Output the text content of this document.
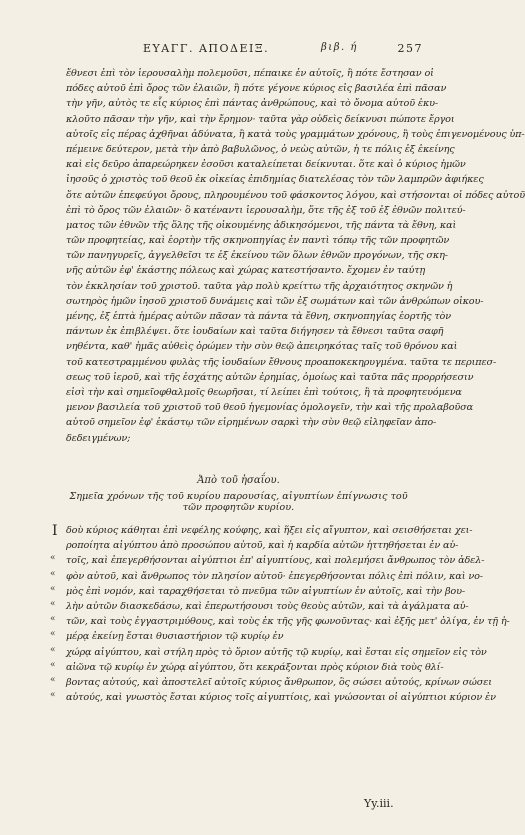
ΕΥΑΓΓ. ΑΠΟΔΕΙΞ.	βιβ. ή	257
ἔθνεσι ἐπὶ τὸν ἱερουσαλὴμ πολεμοῦσι, πέπαικε ἐν αὐτοῖς, ἢ πότε ἔστησαν οἱ
πόδες αὐτοῦ ἐπὶ ὄρος τῶν ἐλαιῶν, ἢ πότε γέγονε κύριος εἰς βασιλέα ἐπὶ πᾶσαν
τὴν γῆν, αὐτὸς τε εἷς κύριος ἐπὶ πάντας ἀνθρώπους, καὶ τὸ ὄνομα αὐτοῦ ἐκυ-
κλοῦτο πᾶσαν τὴν γῆν, καὶ τὴν ἔρημον· ταῦτα γὰρ οὐδεὶς δείκνυσι πώποτε ἔργοι
αὐτοῖς εἰς πέρας ἀχθῆναι ἀδύνατα, ἢ κατὰ τοὺς γραμμάτων χρόνους, ἢ τοὺς ἐπιγενομένους ὑπ-
πέμεινε δεύτερον, μετὰ τὴν ἀπὸ βαβυλῶνος, ὁ νεὼς αὐτῶν, ἡ τε πόλις ἐξ ἐκείνης
καὶ εἰς δεῦρο ἀπαρεώρηκεν ἐσοῦσι καταλείπεται δείκνυται. ὅτε καὶ ὁ κύριος ἡμῶν
ἰησοῦς ὁ χριστὸς τοῦ θεοῦ ἐκ οἰκείας ἐπιδημίας διατελέσας τὸν τῶν λαμπρῶν ἀφιήκες
ὅτε αὐτῶν ἐπεφεύγοι ὄρους, πληρουμένου τοῦ φάσκοντος λόγου, καὶ στήσονται οἱ πόδες αὐτοῦ
ἐπὶ τὸ ὄρος τῶν ἐλαιῶν· ὃ κατέναντι ἱερουσαλὴμ, ὅτε τῆς ἐξ τοῦ ἐξ ἐθνῶν πολιτεύ-
ματος τῶν ἐθνῶν τῆς ὅλης τῆς οἰκουμένης ἀδικησόμενοι, τῆς πάντα τὰ ἔθνη, καὶ
τῶν προφητείας, καὶ ἑορτὴν τῆς σκηνοπηγίας ἐν παντὶ τόπῳ τῆς τῶν προφητῶν
τῶν πανηγυρεῖς, ἀγγελθεῖσι τε ἐξ ἐκείνου τῶν ὅλων ἐθνῶν προγόνων, τῆς σκη-
νῆς αὐτῶν ἐφ' ἑκάστης πόλεως καὶ χώρας κατεστήσαντο. ἔχομεν ἐν ταύτῃ
τὸν ἐκκλησίαν τοῦ χριστοῦ. ταῦτα γὰρ πολὺ κρείττω τῆς ἀρχαιότητος σκηνῶν ἡ
σωτηρὸς ἡμῶν ἰησοῦ χριστοῦ δυνάμεις καὶ τῶν ἐξ σωμάτων καὶ τῶν ἀνθρώπων οἰκου-
μένης, ἐξ ἑπτὰ ἡμέρας αὐτῶν πᾶσαν τὰ πάντα τὰ ἔθνη, σκηνοπηγίας ἑορτῆς τὸν
πάντων ἐκ ἐπιβλέψει. ὅτε ἰουδαίων καὶ ταῦτα διήγησεν τὰ ἔθνεσι ταῦτα σαφῆ
νηθέντα, καθ' ἡμᾶς αὐθεὶς ὁρώμεν τὴν σὺν θεῷ ἀπειρηκότας ταῖς τοῦ θρόνου καὶ
τοῦ κατεστραμμένου φυλὰς τῆς ἰουδαίων ἔθνους προαποκεκηρυγμένα. ταῦτα τε περιπεσ-
σεως τοῦ ἱεροῦ, καὶ τῆς ἐσχάτης αὐτῶν ἐρημίας, ὁμοίως καὶ ταῦτα πᾶς προρρήσεσιν
εἰσὶ τὴν καὶ σημεῖοφθαλμοῖς θεωρῆσαι, τί λείπει ἐπὶ τούτοις, ἢ τὰ προφητευόμενα
μενον βασιλεία τοῦ χριστοῦ τοῦ θεοῦ ἡγεμονίας ὁμολογεῖν, τὴν καὶ τῆς προλαβοῦσα
αὐτοῦ σημεῖον ἐφ' ἑκάστῳ τῶν εἰρημένων σαρκὶ τὴν σὺν θεῷ εἰληφεῖαν ἀπο-
δεδειγμένων;
Ἀπὸ τοῦ ἡσαΐου.
Σημεῖα χρόνων τῆς τοῦ κυρίου παρουσίας, αἰγυπτίων ἐπίγνωσις τοῦ τῶν προφητῶν κυρίου.
Ι δοὺ κύριος κάθηται ἐπὶ νεφέλης κούφης, καὶ ἥξει εἰς αἴγυπτον, καὶ σεισθήσεται χει-
ροποίητα αἰγύπτου ἀπὸ προσώπου αὐτοῦ, καὶ ἡ καρδία αὐτῶν ἡττηθήσεται ἐν αὐ-
τοῖς, καὶ ἐπεγερθήσονται αἰγύπτιοι ἐπ' αἰγυπτίους, καὶ πολεμήσει ἄνθρωπος τὸν ἀδελ-
φὸν αὐτοῦ, καὶ ἄνθρωπος τὸν πλησίον αὐτοῦ· ἐπεγερθήσονται πόλις ἐπὶ πόλιν, καὶ νο-
μὸς ἐπὶ νομόν, καὶ ταραχθήσεται τὸ πνεῦμα τῶν αἰγυπτίων ἐν αὐτοῖς, καὶ τὴν βου-
λὴν αὐτῶν διασκεδάσω, καὶ ἐπερωτήσουσι τοὺς θεοὺς αὐτῶν, καὶ τὰ ἀγάλματα αὐ-
τῶν, καὶ τοὺς ἐγγαστριμύθους, καὶ τοὺς ἐκ τῆς γῆς φωνοῦντας· καὶ ἑξῆς μετ' ὀλίγα, ἐν τῇ ἡ-
μέρᾳ ἐκείνῃ ἔσται θυσιαστήριον τῷ κυρίῳ ἐν
χώρᾳ αἰγύπτου, καὶ στήλη πρὸς τὸ ὅριον αὐτῆς τῷ κυρίῳ, καὶ ἔσται εἰς σημεῖον εἰς τὸν
αἰῶνα τῷ κυρίῳ ἐν χώρᾳ αἰγύπτου, ὅτι κεκράξονται πρὸς κύριον διὰ τοὺς θλί-
βοντας αὐτούς, καὶ ἀποστελεῖ αὐτοῖς κύριος ἄνθρωπον, ὃς σώσει αὐτούς, κρίνων σώσει
αὐτούς, καὶ γνωστὸς ἔσται κύριος τοῖς αἰγυπτίοις, καὶ γνώσονται οἱ αἰγύπτιοι κύριον ἐν
Yy.iii.
«
«
«
«
«
«
«
«
«
«
